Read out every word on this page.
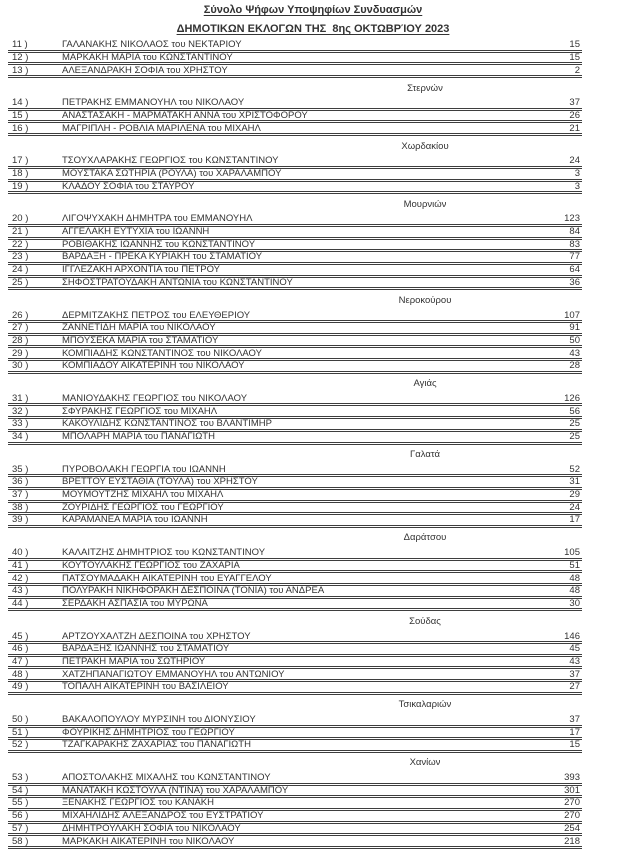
Σύνολο Ψήφων Υποψηφίων Συνδυασμών
ΔΗΜΟΤΙΚΩΝ ΕΚΛΟΓΩΝ ΤΗΣ  8ης ΟΚΤΩΒΡΊΟΥ 2023
11 )	ΓΑΛΑΝΑΚΗΣ ΝΙΚΟΛΑΟΣ του ΝΕΚΤΑΡΙΟΥ	15
12 )	ΜΑΡΚΑΚΗ ΜΑΡΙΑ του ΚΩΝΣΤΑΝΤΙΝΟΥ	15
13 )	ΑΛΕΞΑΝΔΡΑΚΗ ΣΟΦΙΑ του ΧΡΗΣΤΟΥ	2
Στερνών
14 )	ΠΕΤΡΑΚΗΣ ΕΜΜΑΝΟΥΗΛ του ΝΙΚΟΛΑΟΥ	37
15 )	ΑΝΑΣΤΑΣΑΚΗ - ΜΑΡΜΑΤΑΚΗ ΑΝΝΑ του ΧΡΙΣΤΟΦΟΡΟΥ	26
16 )	ΜΑΓΡΙΠΛΗ - ΡΟΒΛΙΑ ΜΑΡΙΛΕΝΑ του ΜΙΧΑΗΛ	21
Χωρδακίου
17 )	ΤΣΟΥΧΛΑΡΑΚΗΣ ΓΕΩΡΓΙΟΣ του ΚΩΝΣΤΑΝΤΙΝΟΥ	24
18 )	ΜΟΥΣΤΑΚΑ ΣΩΤΗΡΙΑ (ΡΟΥΛΑ) του ΧΑΡΑΛΑΜΠΟΥ	3
19 )	ΚΛΑΔΟΥ ΣΟΦΙΑ του ΣΤΑΥΡΟΥ	3
Μουρνιών
20 )	ΛΙΓΟΨΥΧΑΚΗ ΔΗΜΗΤΡΑ του ΕΜΜΑΝΟΥΗΛ	123
21 )	ΑΓΓΕΛΑΚΗ ΕΥΤΥΧΙΑ του ΙΩΑΝΝΗ	84
22 )	ΡΟΒΙΘΑΚΗΣ ΙΩΑΝΝΗΣ του ΚΩΝΣΤΑΝΤΙΝΟΥ	83
23 )	ΒΑΡΔΑΞΗ - ΠΡΕΚΑ ΚΥΡΙΑΚΗ του ΣΤΑΜΑΤΙΟΥ	77
24 )	ΙΓΓΛΕΖΑΚΗ ΑΡΧΟΝΤΙΑ του ΠΕΤΡΟΥ	64
25 )	ΣΗΦΟΣΤΡΑΤΟΥΔΑΚΗ ΑΝΤΩΝΙΑ του ΚΩΝΣΤΑΝΤΙΝΟΥ	36
Νεροκούρου
26 )	ΔΕΡΜΙΤΖΑΚΗΣ ΠΕΤΡΟΣ του ΕΛΕΥΘΕΡΙΟΥ	107
27 )	ΖΑΝΝΕΤΙΔΗ ΜΑΡΙΑ του ΝΙΚΟΛΑΟΥ	91
28 )	ΜΠΟΥΣΕΚΑ ΜΑΡΙΑ του ΣΤΑΜΑΤΙΟΥ	50
29 )	ΚΟΜΠΙΑΔΗΣ ΚΩΝΣΤΑΝΤΙΝΟΣ του ΝΙΚΟΛΑΟΥ	43
30 )	ΚΟΜΠΙΑΔΟΥ ΑΙΚΑΤΕΡΙΝΗ του ΝΙΚΟΛΑΟΥ	28
Αγιάς
31 )	ΜΑΝΙΟΥΔΑΚΗΣ ΓΕΩΡΓΙΟΣ του ΝΙΚΟΛΑΟΥ	126
32 )	ΣΦΥΡΑΚΗΣ ΓΕΩΡΓΙΟΣ του ΜΙΧΑΗΛ	56
33 )	ΚΑΚΟΥΛΙΔΗΣ ΚΩΝΣΤΑΝΤΙΝΟΣ του ΒΛΑΝΤΙΜΗΡ	25
34 )	ΜΠΟΛΑΡΗ ΜΑΡΙΑ του ΠΑΝΑΓΙΩΤΗ	25
Γαλατά
35 )	ΠΥΡΟΒΟΛΑΚΗ ΓΕΩΡΓΙΑ του ΙΩΑΝΝΗ	52
36 )	ΒΡΕΤΤΟΥ ΕΥΣΤΑΘΙΑ (ΤΟΥΛΑ) του ΧΡΗΣΤΟΥ	31
37 )	ΜΟΥΜΟΥΤΖΗΣ ΜΙΧΑΗΛ του ΜΙΧΑΗΛ	29
38 )	ΖΟΥΡΙΔΗΣ ΓΕΩΡΓΙΟΣ του ΓΕΩΡΓΙΟΥ	24
39 )	ΚΑΡΑΜΑΝΕΑ ΜΑΡΙΑ του ΙΩΑΝΝΗ	17
Δαράτσου
40 )	ΚΑΛΑΪΤΖΗΣ ΔΗΜΗΤΡΙΟΣ του ΚΩΝΣΤΑΝΤΙΝΟΥ	105
41 )	ΚΟΥΤΟΥΛΑΚΗΣ ΓΕΩΡΓΙΟΣ του ΖΑΧΑΡΙΑ	51
42 )	ΠΑΤΣΟΥΜΑΔΑΚΗ ΑΙΚΑΤΕΡΙΝΗ του ΕΥΑΓΓΕΛΟΥ	48
43 )	ΠΟΛΥΡΑΚΗ ΝΙΚΗΦΟΡΑΚΗ ΔΕΣΠΟΙΝΑ (ΤΟΝΙΑ) του ΑΝΔΡΕΑ	48
44 )	ΣΕΡΔΑΚΗ ΑΣΠΑΣΙΑ του ΜΥΡΩΝΑ	30
Σούδας
45 )	ΑΡΤΖΟΥΧΑΛΤΖΗ ΔΕΣΠΟΙΝΑ του ΧΡΗΣΤΟΥ	146
46 )	ΒΑΡΔΑΞΗΣ ΙΩΑΝΝΗΣ του ΣΤΑΜΑΤΙΟΥ	45
47 )	ΠΕΤΡΑΚΗ ΜΑΡΙΑ του ΣΩΤΗΡΙΟΥ	43
48 )	ΧΑΤΖΗΠΑΝΑΓΙΩΤΟΥ ΕΜΜΑΝΟΥΗΛ του ΑΝΤΩΝΙΟΥ	37
49 )	ΤΟΠΑΛΗ ΑΙΚΑΤΕΡΙΝΗ του ΒΑΣΙΛΕΙΟΥ	27
Τσικαλαριών
50 )	ΒΑΚΑΛΟΠΟΥΛΟΥ ΜΥΡΣΙΝΗ του ΔΙΟΝΥΣΙΟΥ	37
51 )	ΦΟΥΡΙΚΗΣ ΔΗΜΗΤΡΙΟΣ του ΓΕΩΡΓΙΟΥ	17
52 )	ΤΖΑΓΚΑΡΑΚΗΣ ΖΑΧΑΡΙΑΣ του ΠΑΝΑΓΙΩΤΗ	15
Χανίων
53 )	ΑΠΟΣΤΟΛΑΚΗΣ ΜΙΧΑΛΗΣ του ΚΩΝΣΤΑΝΤΙΝΟΥ	393
54 )	ΜΑΝΑΤΑΚΗ ΚΩΣΤΟΥΛΑ (ΝΤΙΝΑ) του ΧΑΡΑΛΑΜΠΟΥ	301
55 )	ΞΕΝΑΚΗΣ ΓΕΩΡΓΙΟΣ του ΚΑΝΑΚΗ	270
56 )	ΜΙΧΑΗΛΙΔΗΣ ΑΛΕΞΑΝΔΡΟΣ του ΕΥΣΤΡΑΤΙΟΥ	270
57 )	ΔΗΜΗΤΡΟΥΛΑΚΗ ΣΟΦΙΑ του ΝΙΚΟΛΑΟΥ	254
58 )	ΜΑΡΚΑΚΗ ΑΙΚΑΤΕΡΙΝΗ του ΝΙΚΟΛΑΟΥ	218
